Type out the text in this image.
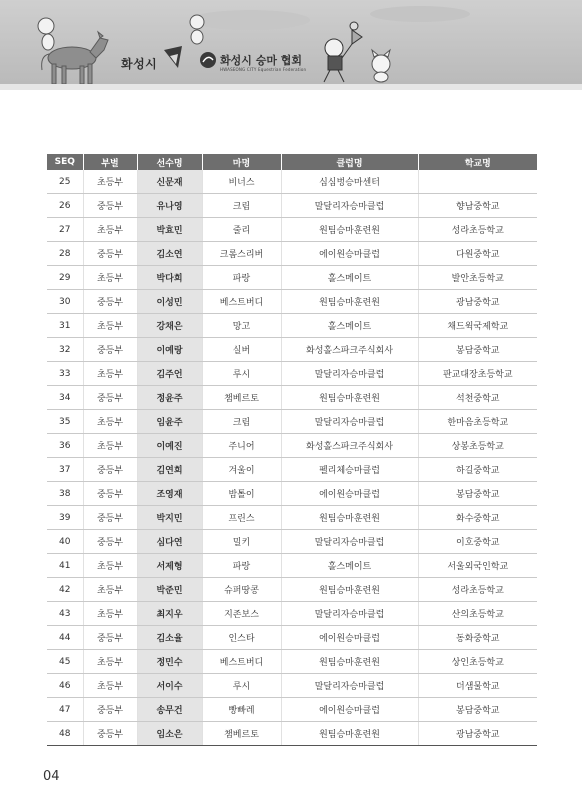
화성시	화성시 승마 협회
HWASEONG CITY Equestrian Federation
SEQ	부별	선수명	마명	클럽명	학교명
25	초등부	신문재	비너스	심심벙승마센터	
26	중등부	유나영	크림	말달리자승마클럽	향남중학교
27	초등부	박효민	줄리	원팀승마훈련원	성라초등학교
28	중등부	김소연	크롬스리버	에이원승마클럽	다원중학교
29	초등부	박다희	파랑	홀스메이트	발안초등학교
30	중등부	이성민	베스트버디	원팀승마훈련원	광남중학교
31	초등부	강채은	망고	홀스메이트	채드윅국제학교
32	중등부	이예랑	실버	화성홀스파크주식회사	봉담중학교
33	초등부	김주언	루시	말달리자승마클럽	판교대장초등학교
34	중등부	정윤주	챔베르토	원팀승마훈련원	석천중학교
35	초등부	임윤주	크림	말달리자승마클럽	한마음초등학교
36	초등부	이예진	주니어	화성홀스파크주식회사	상봉초등학교
37	중등부	김연희	겨울이	펠리체승마클럽	하길중학교
38	중등부	조영재	밤톨이	에이원승마클럽	봉담중학교
39	중등부	박지민	프린스	원팀승마훈련원	화수중학교
40	중등부	심다연	밀키	말달리자승마클럽	이호중학교
41	초등부	서제형	파랑	홀스메이트	서울외국인학교
42	초등부	박준민	슈퍼땅콩	원팀승마훈련원	성라초등학교
43	초등부	최지우	지존보스	말달리자승마클럽	산의초등학교
44	중등부	김소율	인스타	에이원승마클럽	동화중학교
45	초등부	정민수	베스트버디	원팀승마훈련원	상인초등학교
46	초등부	서이수	루시	말달리자승마클럽	더샘물학교
47	중등부	송무건	빵빠레	에이원승마클럽	봉담중학교
48	중등부	임소은	챔베르토	원팀승마훈련원	광남중학교
04
